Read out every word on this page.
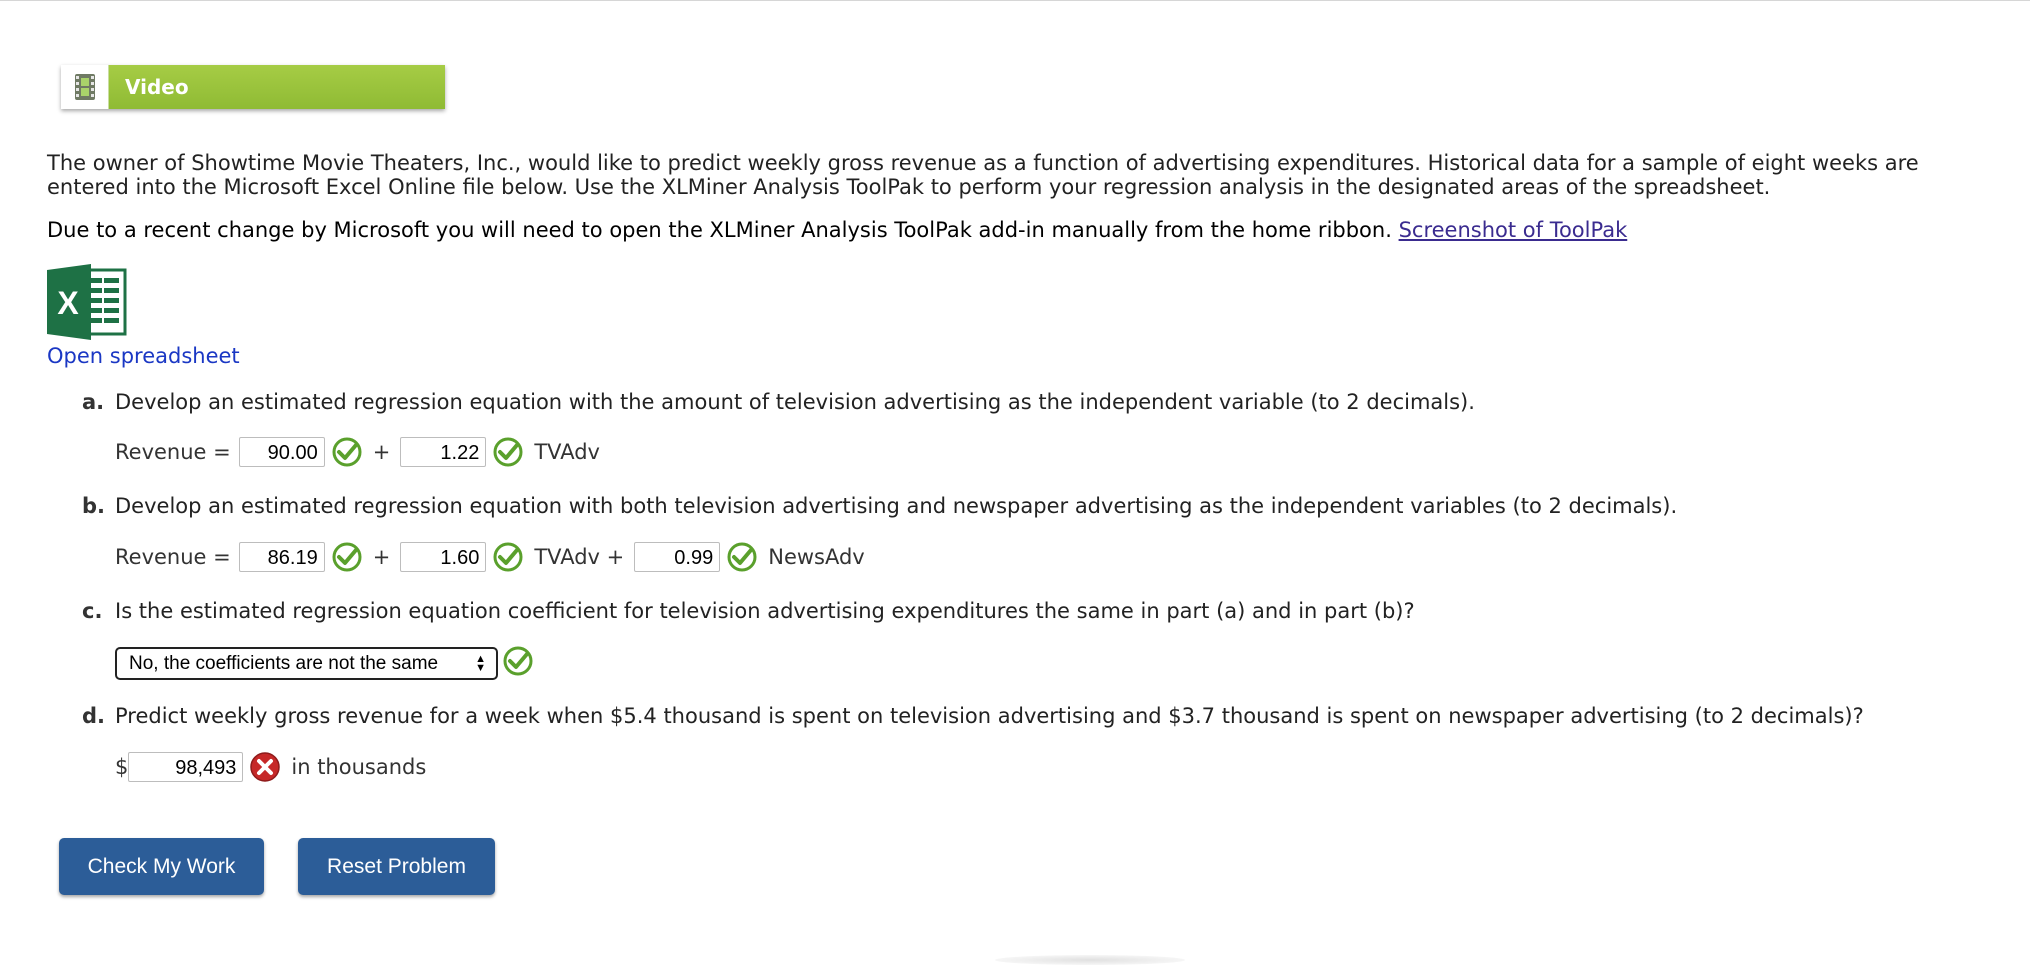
Video
The owner of Showtime Movie Theaters, Inc., would like to predict weekly gross revenue as a function of advertising expenditures. Historical data for a sample of eight weeks are entered into the Microsoft Excel Online file below. Use the XLMiner Analysis ToolPak to perform your regression analysis in the designated areas of the spreadsheet.
Due to a recent change by Microsoft you will need to open the XLMiner Analysis ToolPak add-in manually from the home ribbon. Screenshot of ToolPak
X
Open spreadsheet
a. Develop an estimated regression equation with the amount of television advertising as the independent variable (to 2 decimals).
Revenue =	90.00	+	1.22	TVAdv
b. Develop an estimated regression equation with both television advertising and newspaper advertising as the independent variables (to 2 decimals).
Revenue =	86.19	+	1.60	TVAdv +	0.99	NewsAdv
c. Is the estimated regression equation coefficient for television advertising expenditures the same in part (a) and in part (b)?
No, the coefficients are not the same	▲
▼
d. Predict weekly gross revenue for a week when $5.4 thousand is spent on television advertising and $3.7 thousand is spent on newspaper advertising (to 2 decimals)?
$	98,493	in thousands
Check My Work	Reset Problem
